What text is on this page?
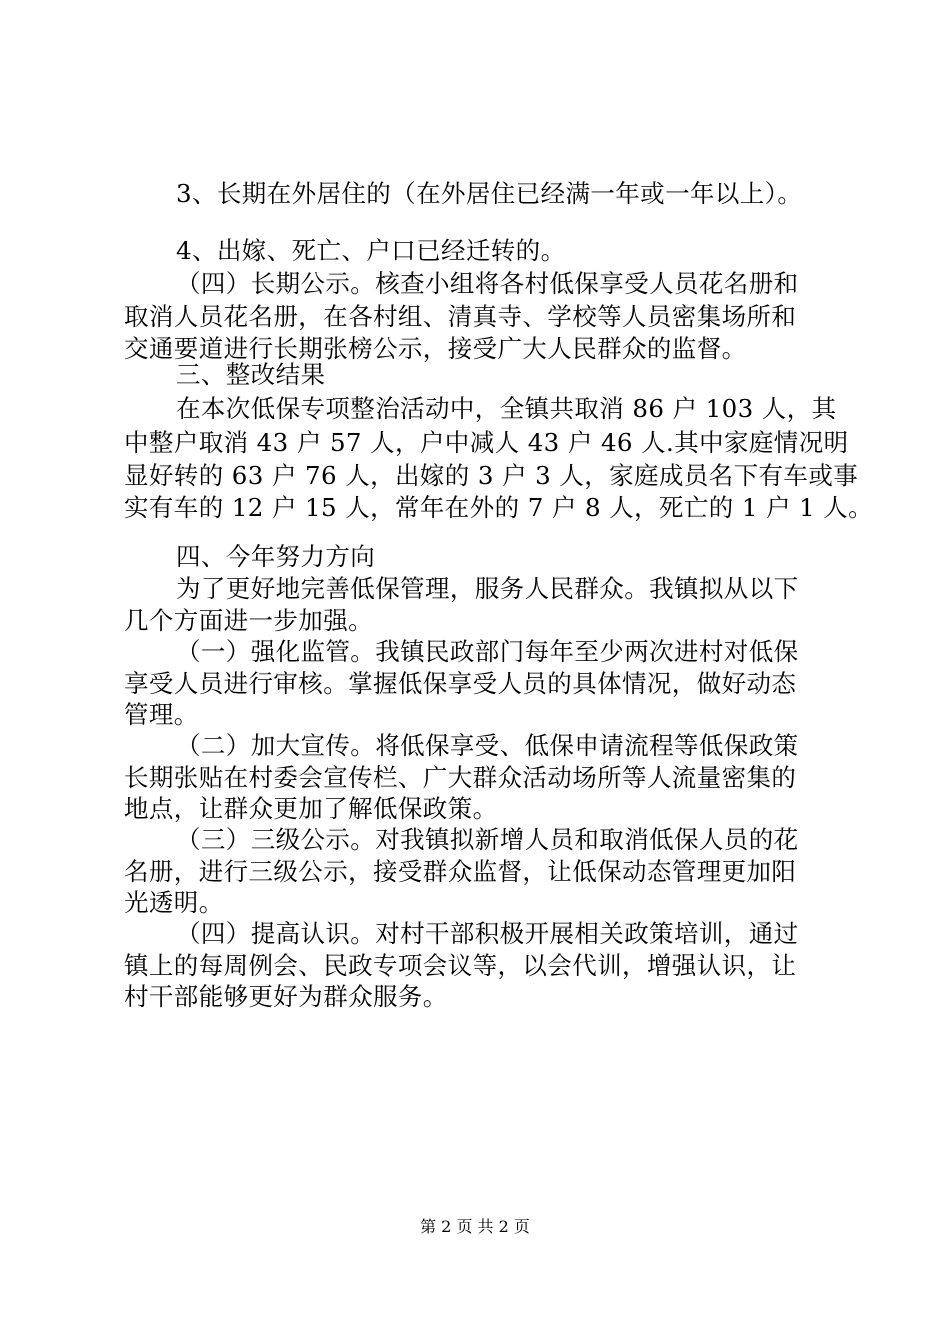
3、长期在外居住的（在外居住已经满一年或一年以上）。
4、出嫁、死亡、户口已经迁转的。
（四）长期公示。核查小组将各村低保享受人员花名册和
取消人员花名册，在各村组、清真寺、学校等人员密集场所和
交通要道进行长期张榜公示，接受广大人民群众的监督。
三、整改结果
在本次低保专项整治活动中，全镇共取消 86 户 103 人，其
中整户取消 43 户 57 人，户中减人 43 户 46 人.其中家庭情况明
显好转的 63 户 76 人，出嫁的 3 户 3 人，家庭成员名下有车或事
实有车的 12 户 15 人，常年在外的 7 户 8 人，死亡的 1 户 1 人。
四、今年努力方向
为了更好地完善低保管理，服务人民群众。我镇拟从以下
几个方面进一步加强。
（一）强化监管。我镇民政部门每年至少两次进村对低保
享受人员进行审核。掌握低保享受人员的具体情况，做好动态
管理。
（二）加大宣传。将低保享受、低保申请流程等低保政策
长期张贴在村委会宣传栏、广大群众活动场所等人流量密集的
地点，让群众更加了解低保政策。
（三）三级公示。对我镇拟新增人员和取消低保人员的花
名册，进行三级公示，接受群众监督，让低保动态管理更加阳
光透明。
（四）提高认识。对村干部积极开展相关政策培训，通过
镇上的每周例会、民政专项会议等，以会代训，增强认识，让
村干部能够更好为群众服务。
第 2 页 共 2 页
